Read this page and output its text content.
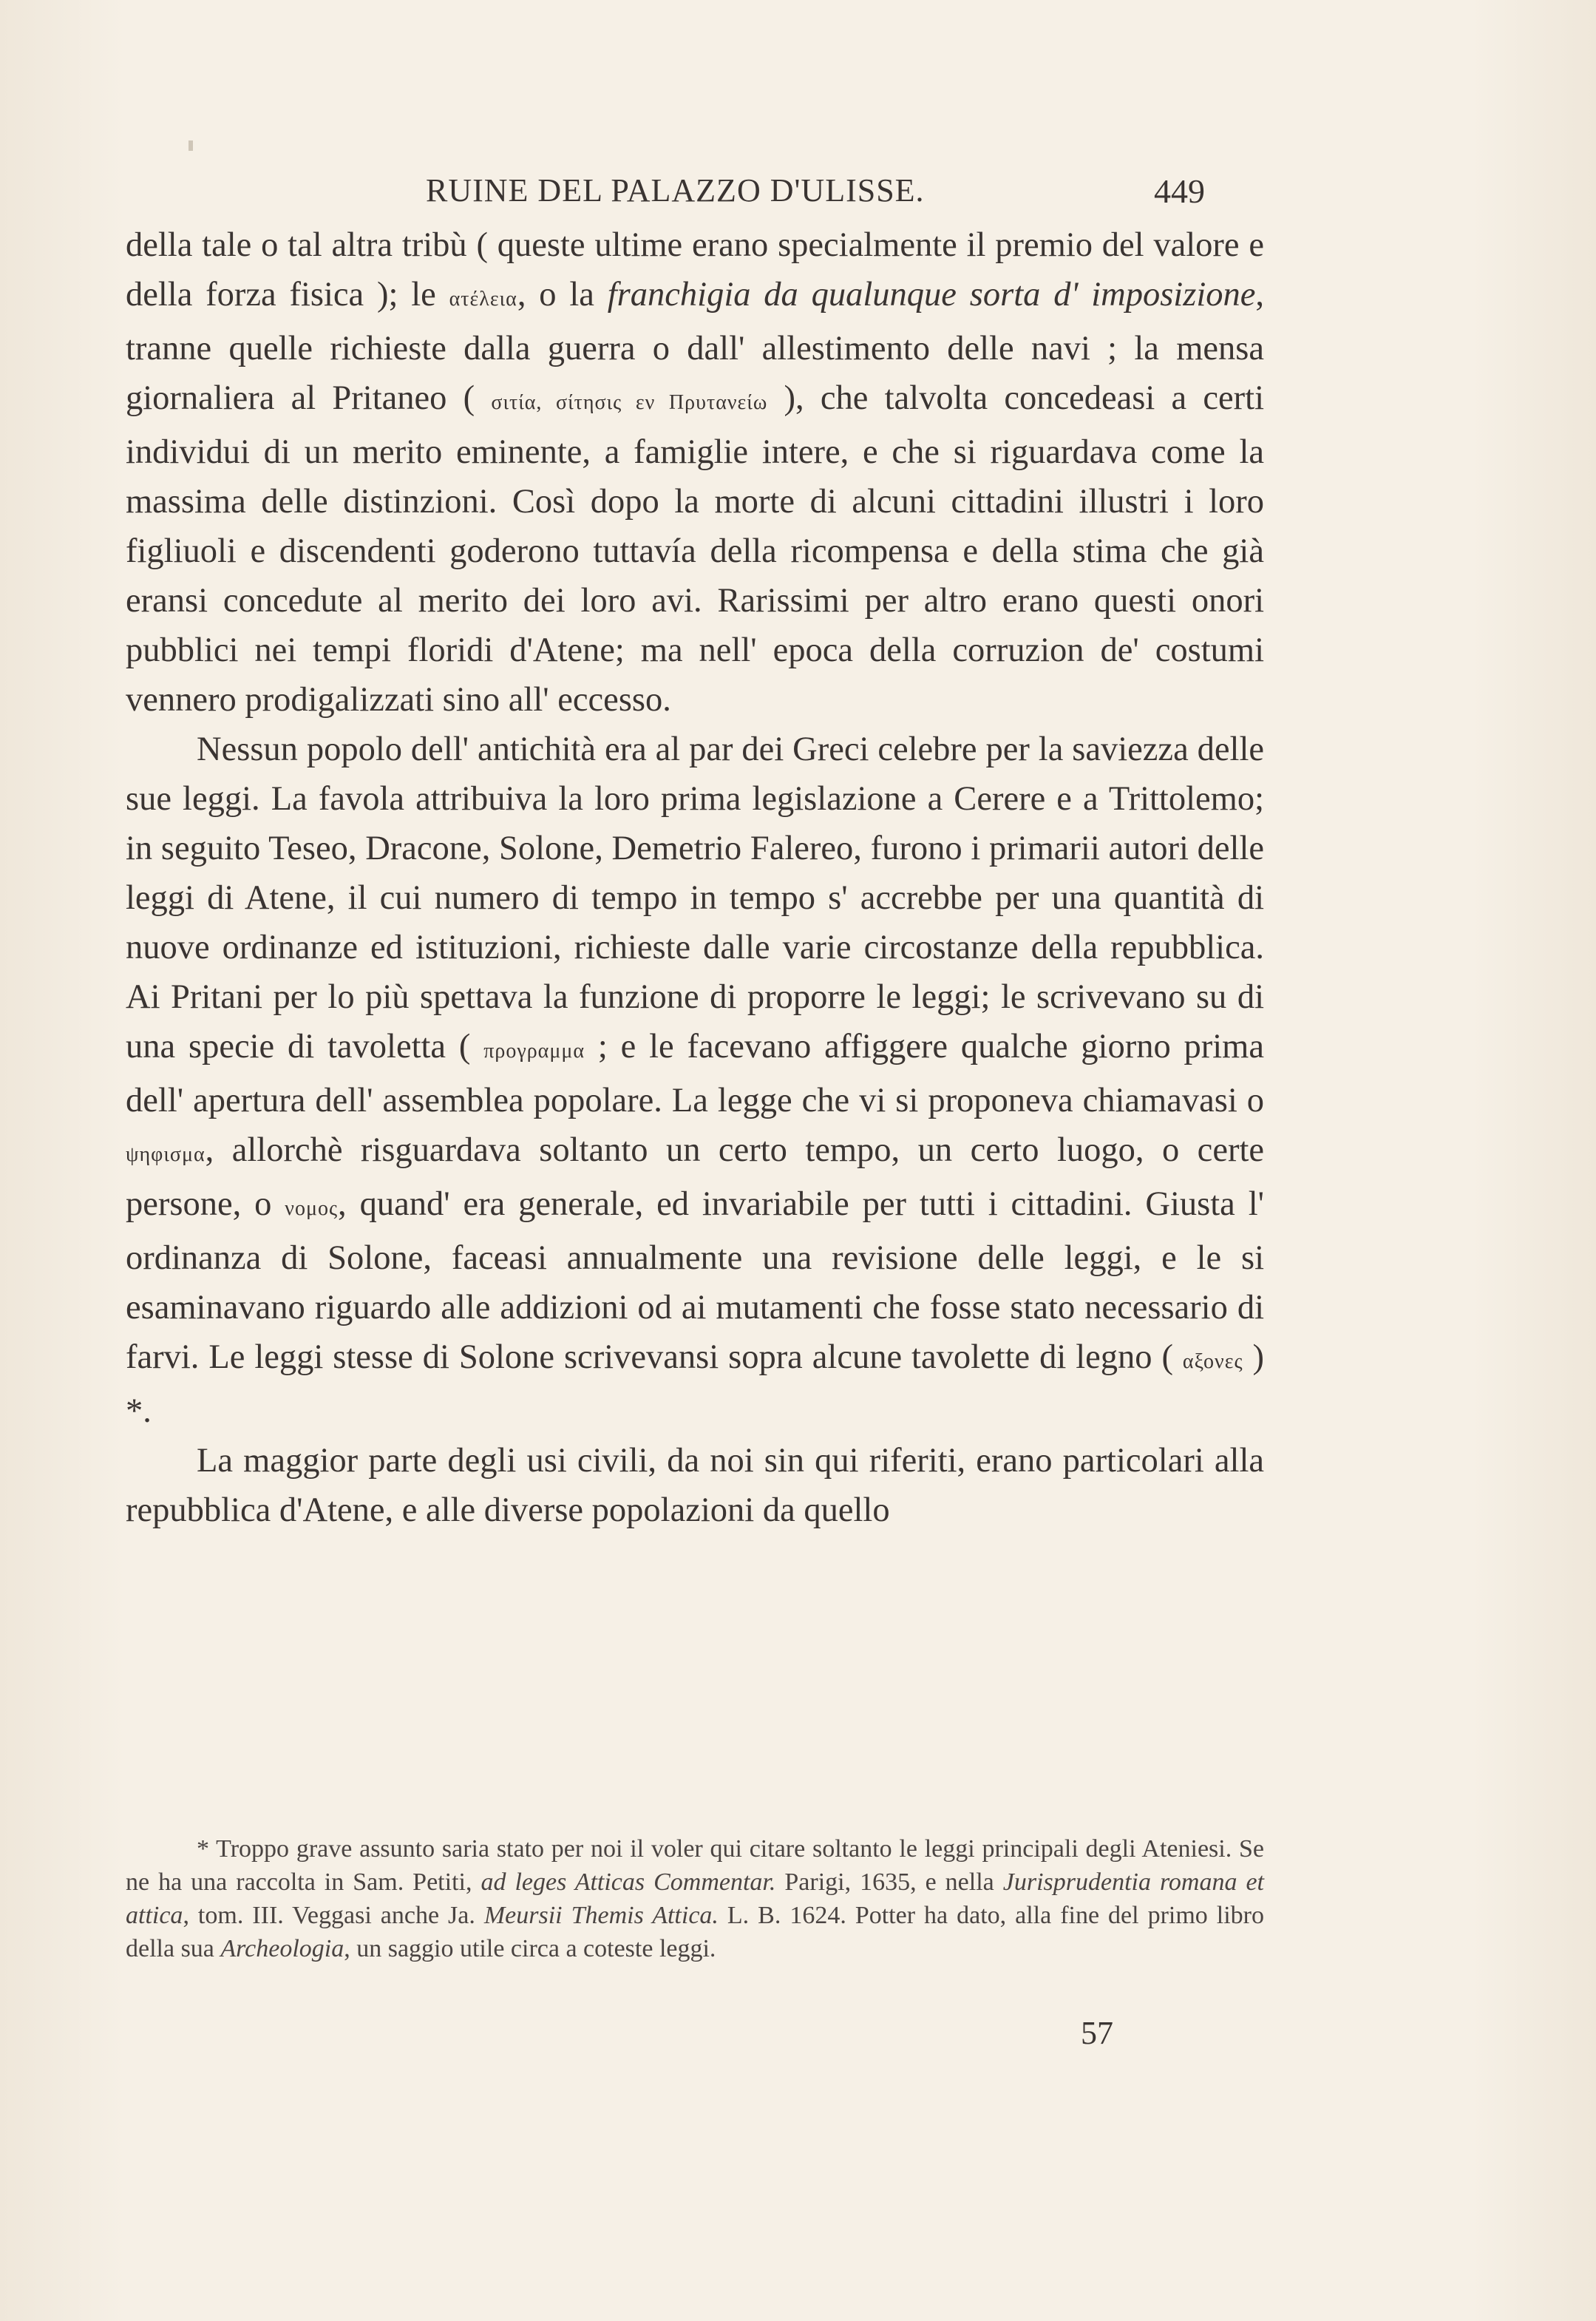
RUINE DEL PALAZZO D'ULISSE.	449

della tale o tal altra tribù ( queste ultime erano specialmente il premio del valore e della forza fisica ); le ατέλεια, o la franchigia da qualunque sorta d' imposizione, tranne quelle richieste dalla guerra o dall' allestimento delle navi ; la mensa giornaliera al Pritaneo ( σιτία, σίτησις εν Πρυτανείω ), che talvolta concedeasi a certi individui di un merito eminente, a famiglie intere, e che si riguardava come la massima delle distinzioni. Così dopo la morte di alcuni cittadini illustri i loro figliuoli e discendenti goderono tuttavía della ricompensa e della stima che già eransi concedute al merito dei loro avi. Rarissimi per altro erano questi onori pubblici nei tempi floridi d'Atene; ma nell' epoca della corruzion de' costumi vennero prodigalizzati sino all' eccesso.

Nessun popolo dell' antichità era al par dei Greci celebre per la saviezza delle sue leggi. La favola attribuiva la loro prima legislazione a Cerere e a Trittolemo; in seguito Teseo, Dracone, Solone, Demetrio Falereo, furono i primarii autori delle leggi di Atene, il cui numero di tempo in tempo s' accrebbe per una quantità di nuove ordinanze ed istituzioni, richieste dalle varie circostanze della repubblica. Ai Pritani per lo più spettava la funzione di proporre le leggi; le scrivevano su di una specie di tavoletta ( προγραμμα ; e le facevano affiggere qualche giorno prima dell' apertura dell' assemblea popolare. La legge che vi si proponeva chiamavasi o ψηφισμα, allorchè risguardava soltanto un certo tempo, un certo luogo, o certe persone, o νομος, quand' era generale, ed invariabile per tutti i cittadini. Giusta l' ordinanza di Solone, faceasi annualmente una revisione delle leggi, e le si esaminavano riguardo alle addizioni od ai mutamenti che fosse stato necessario di farvi. Le leggi stesse di Solone scrivevansi sopra alcune tavolette di legno ( αξονες ) *.

La maggior parte degli usi civili, da noi sin qui riferiti, erano particolari alla repubblica d'Atene, e alle diverse popolazioni da quello

* Troppo grave assunto saria stato per noi il voler qui citare soltanto le leggi principali degli Ateniesi. Se ne ha una raccolta in Sam. Petiti, ad leges Atticas Commentar. Parigi, 1635, e nella Jurisprudentia romana et attica, tom. III. Veggasi anche Ja. Meursii Themis Attica. L. B. 1624. Potter ha dato, alla fine del primo libro della sua Archeologia, un saggio utile circa a coteste leggi.

57
